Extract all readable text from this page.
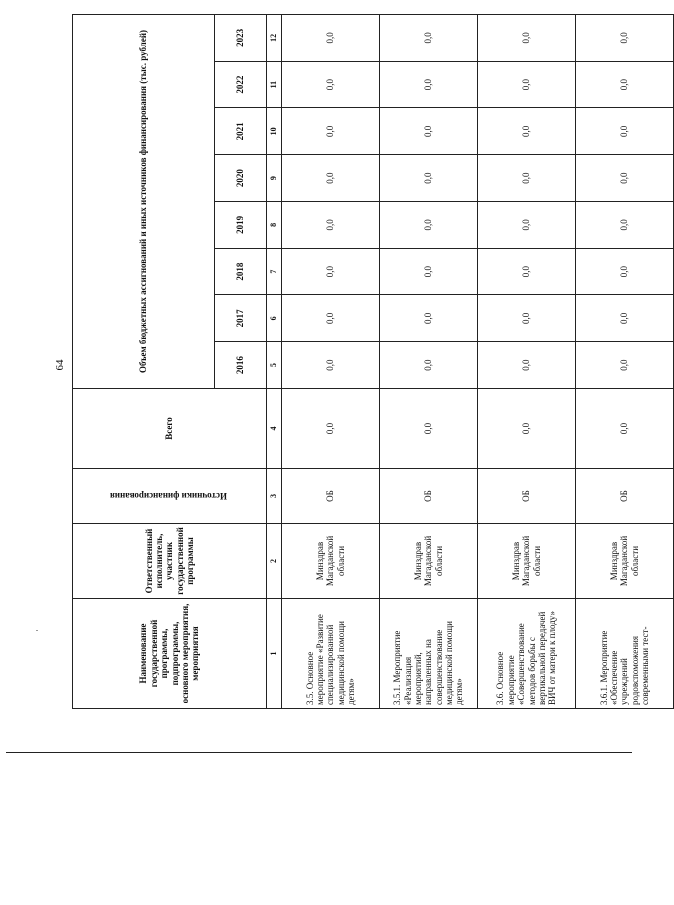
64
Наименование государственной программы, подпрограммы, основного мероприятия, мероприятия	Ответственный исполнитель, участник государственной программы	Источники финансирования	Всего	Объем бюджетных ассигнований и иных источников финансирования (тыс. рублей)							
				2016	2017	2018	2019	2020	2021	2022	2023
1	2	3	4	5	6	7	8	9	10	11	12
3.5. Основное мероприятие «Развитие специализированной медицинской помощи детям»	Минздрав Магаданской области	ОБ	0,0	0,0	0,0	0,0	0,0	0,0	0,0	0,0	0,0
3.5.1. Мероприятие «Реализация мероприятий, направленных на совершенствование медицинской помощи детям»	Минздрав Магаданской области	ОБ	0,0	0,0	0,0	0,0	0,0	0,0	0,0	0,0	0,0
3.6. Основное мероприятие «Совершенствование методов борьбы с вертикальной передачей ВИЧ от матери к плоду»	Минздрав Магаданской области	ОБ	0,0	0,0	0,0	0,0	0,0	0,0	0,0	0,0	0,0
3.6.1. Мероприятие «Обеспечение учреждений родовспоможения современными тест-	Минздрав Магаданской области	ОБ	0,0	0,0	0,0	0,0	0,0	0,0	0,0	0,0	0,0
